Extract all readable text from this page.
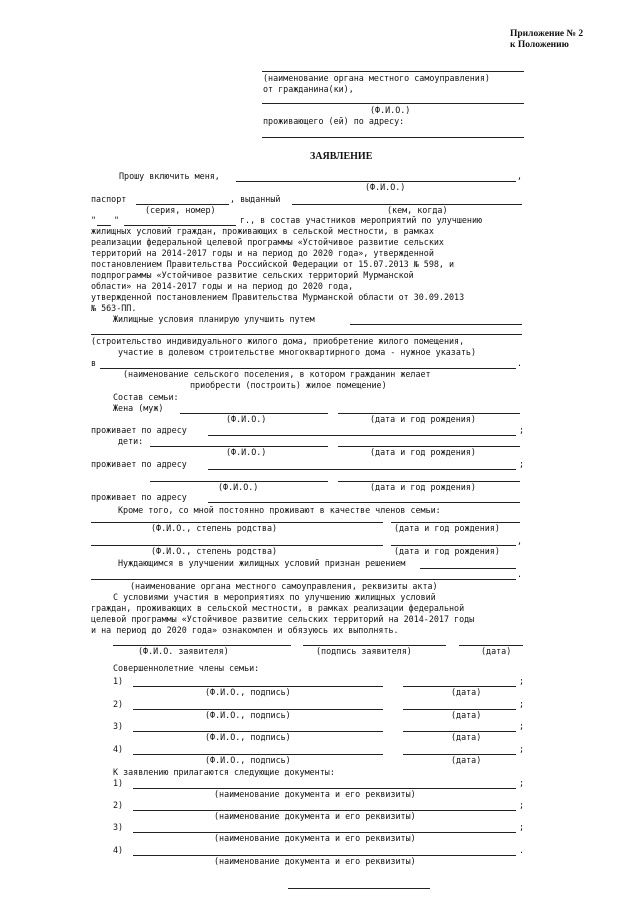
Приложение № 2
к Положению
(наименование органа местного самоуправления)
от гражданина(ки),
(Ф.И.О.)
проживающего (ей) по адресу:
ЗАЯВЛЕНИЕ
Прошу включить меня,	,
(Ф.И.О.)
паспорт	, выданный
(серия, номер)	(кем, когда)
" "	г., в состав участников мероприятий по улучшению
жилищных условий граждан, проживающих в сельской местности, в рамках
реализации федеральной целевой программы «Устойчивое развитие сельских
территорий на 2014-2017 годы и на период до 2020 года», утвержденной
постановлением Правительства Российской Федерации от 15.07.2013 № 598, и
подпрограммы «Устойчивое развитие сельских территорий Мурманской
области» на 2014-2017 годы и на период до 2020 года,
утвержденной постановлением Правительства Мурманской области от 30.09.2013
№ 563-ПП.
Жилищные условия планирую улучшить путем
(строительство индивидуального жилого дома, приобретение жилого помещения,
участие в долевом строительстве многоквартирного дома - нужное указать)
в	.
(наименование сельского поселения, в котором гражданин желает
приобрести (построить) жилое помещение)
Состав семьи:
Жена (муж)
(Ф.И.О.)	(дата и год рождения)
проживает по адресу	;
дети:
(Ф.И.О.)	(дата и год рождения)
проживает по адресу	;
(Ф.И.О.)	(дата и год рождения)
проживает по адресу
Кроме того, со мной постоянно проживают в качестве членов семьи:
(Ф.И.О., степень родства)	(дата и год рождения)
,
(Ф.И.О., степень родства)	(дата и год рождения)
Нуждающимся в улучшении жилищных условий признан решением
.
(наименование органа местного самоуправления, реквизиты акта)
С условиями участия в мероприятиях по улучшению жилищных условий
граждан, проживающих в сельской местности, в рамках реализации федеральной
целевой программы «Устойчивое развитие сельских территорий на 2014-2017 годы
и на период до 2020 года» ознакомлен и обязуюсь их выполнять.
(Ф.И.О. заявителя)	(подпись заявителя)	(дата)
Совершеннолетние члены семьи:
1)	;
(Ф.И.О., подпись)	(дата)
2)	;
(Ф.И.О., подпись)	(дата)
3)	;
(Ф.И.О., подпись)	(дата)
4)	;
(Ф.И.О., подпись)	(дата)
К заявлению прилагаются следующие документы:
1)	;
(наименование документа и его реквизиты)
2)	;
(наименование документа и его реквизиты)
3)	;
(наименование документа и его реквизиты)
4)	.
(наименование документа и его реквизиты)
